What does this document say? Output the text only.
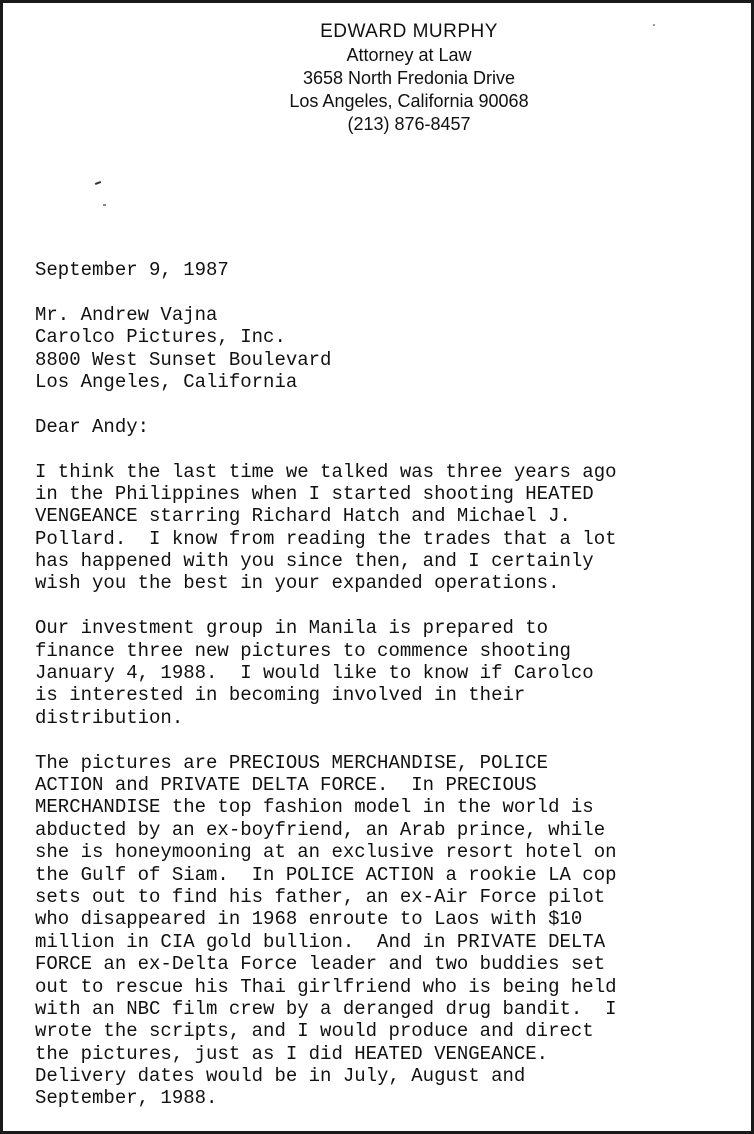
EDWARD MURPHY
Attorney at Law
3658 North Fredonia Drive
Los Angeles, California 90068
(213) 876-8457
September 9, 1987
Mr. Andrew Vajna
Carolco Pictures, Inc.
8800 West Sunset Boulevard
Los Angeles, California
Dear Andy:
I think the last time we talked was three years ago
in the Philippines when I started shooting HEATED
VENGEANCE starring Richard Hatch and Michael J.
Pollard.  I know from reading the trades that a lot
has happened with you since then, and I certainly
wish you the best in your expanded operations.
Our investment group in Manila is prepared to
finance three new pictures to commence shooting
January 4, 1988.  I would like to know if Carolco
is interested in becoming involved in their
distribution.
The pictures are PRECIOUS MERCHANDISE, POLICE
ACTION and PRIVATE DELTA FORCE.  In PRECIOUS
MERCHANDISE the top fashion model in the world is
abducted by an ex-boyfriend, an Arab prince, while
she is honeymooning at an exclusive resort hotel on
the Gulf of Siam.  In POLICE ACTION a rookie LA cop
sets out to find his father, an ex-Air Force pilot
who disappeared in 1968 enroute to Laos with $10
million in CIA gold bullion.  And in PRIVATE DELTA
FORCE an ex-Delta Force leader and two buddies set
out to rescue his Thai girlfriend who is being held
with an NBC film crew by a deranged drug bandit.  I
wrote the scripts, and I would produce and direct
the pictures, just as I did HEATED VENGEANCE.
Delivery dates would be in July, August and
September, 1988.
